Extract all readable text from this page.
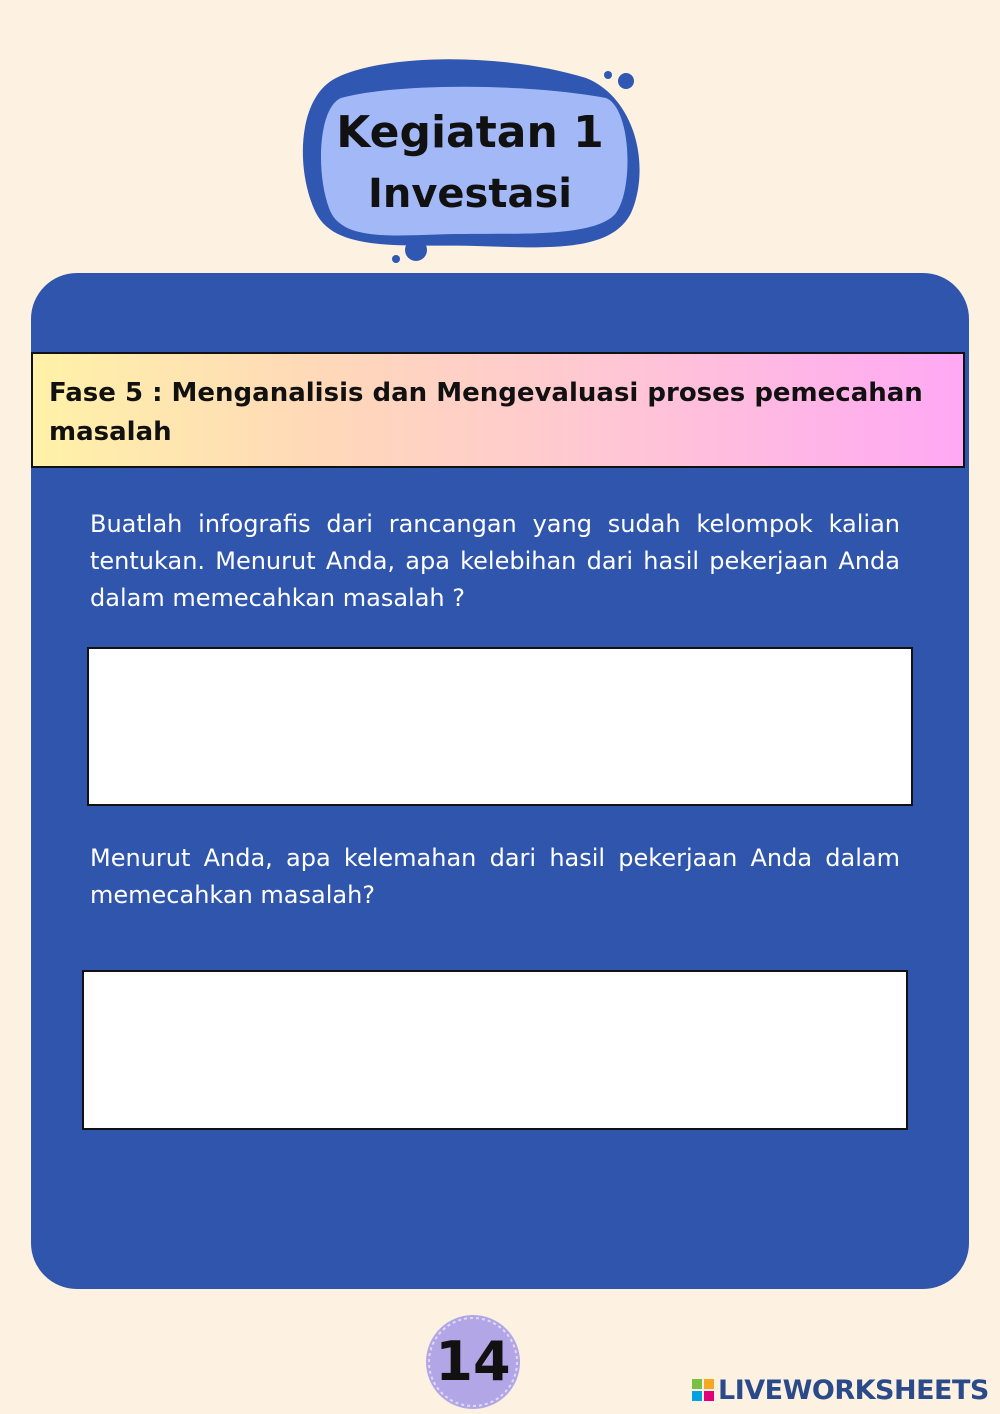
Kegiatan 1
Investasi

Fase 5 : Menganalisis dan Mengevaluasi proses pemecahan masalah

Buatlah infografis dari rancangan yang sudah kelompok kalian tentukan. Menurut Anda, apa kelebihan dari hasil pekerjaan Anda dalam memecahkan masalah ?

Menurut Anda, apa kelemahan dari hasil pekerjaan Anda dalam memecahkan masalah?

14	LIVEWORKSHEETS
